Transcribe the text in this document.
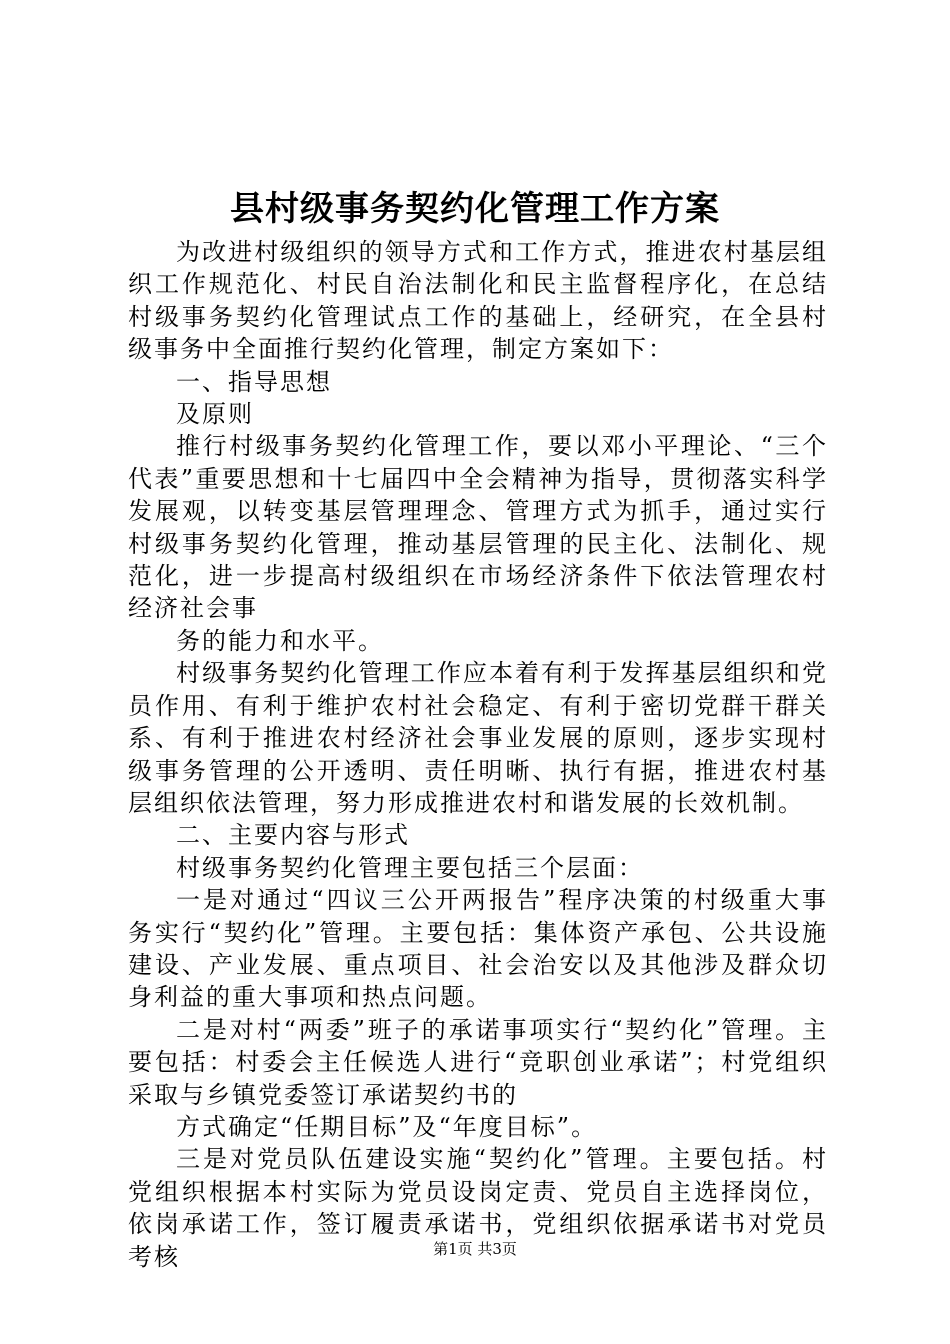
县村级事务契约化管理工作方案

为改进村级组织的领导方式和工作方式，推进农村基层组织工作规范化、村民自治法制化和民主监督程序化，在总结村级事务契约化管理试点工作的基础上，经研究，在全县村级事务中全面推行契约化管理，制定方案如下：

一、指导思想

及原则

推行村级事务契约化管理工作，要以邓小平理论、“三个代表”重要思想和十七届四中全会精神为指导，贯彻落实科学发展观，以转变基层管理理念、管理方式为抓手，通过实行村级事务契约化管理，推动基层管理的民主化、法制化、规范化，进一步提高村级组织在市场经济条件下依法管理农村经济社会事

务的能力和水平。

村级事务契约化管理工作应本着有利于发挥基层组织和党员作用、有利于维护农村社会稳定、有利于密切党群干群关系、有利于推进农村经济社会事业发展的原则，逐步实现村级事务管理的公开透明、责任明晰、执行有据，推进农村基层组织依法管理，努力形成推进农村和谐发展的长效机制。

二、主要内容与形式

村级事务契约化管理主要包括三个层面：

一是对通过“四议三公开两报告”程序决策的村级重大事务实行“契约化”管理。主要包括：集体资产承包、公共设施建设、产业发展、重点项目、社会治安以及其他涉及群众切身利益的重大事项和热点问题。

二是对村“两委”班子的承诺事项实行“契约化”管理。主要包括：村委会主任候选人进行“竞职创业承诺”；村党组织采取与乡镇党委签订承诺契约书的

方式确定“任期目标”及“年度目标”。

三是对党员队伍建设实施“契约化”管理。主要包括。村党组织根据本村实际为党员设岗定责、党员自主选择岗位，依岗承诺工作，签订履责承诺书，党组织依据承诺书对党员考核	第1页 共3页
